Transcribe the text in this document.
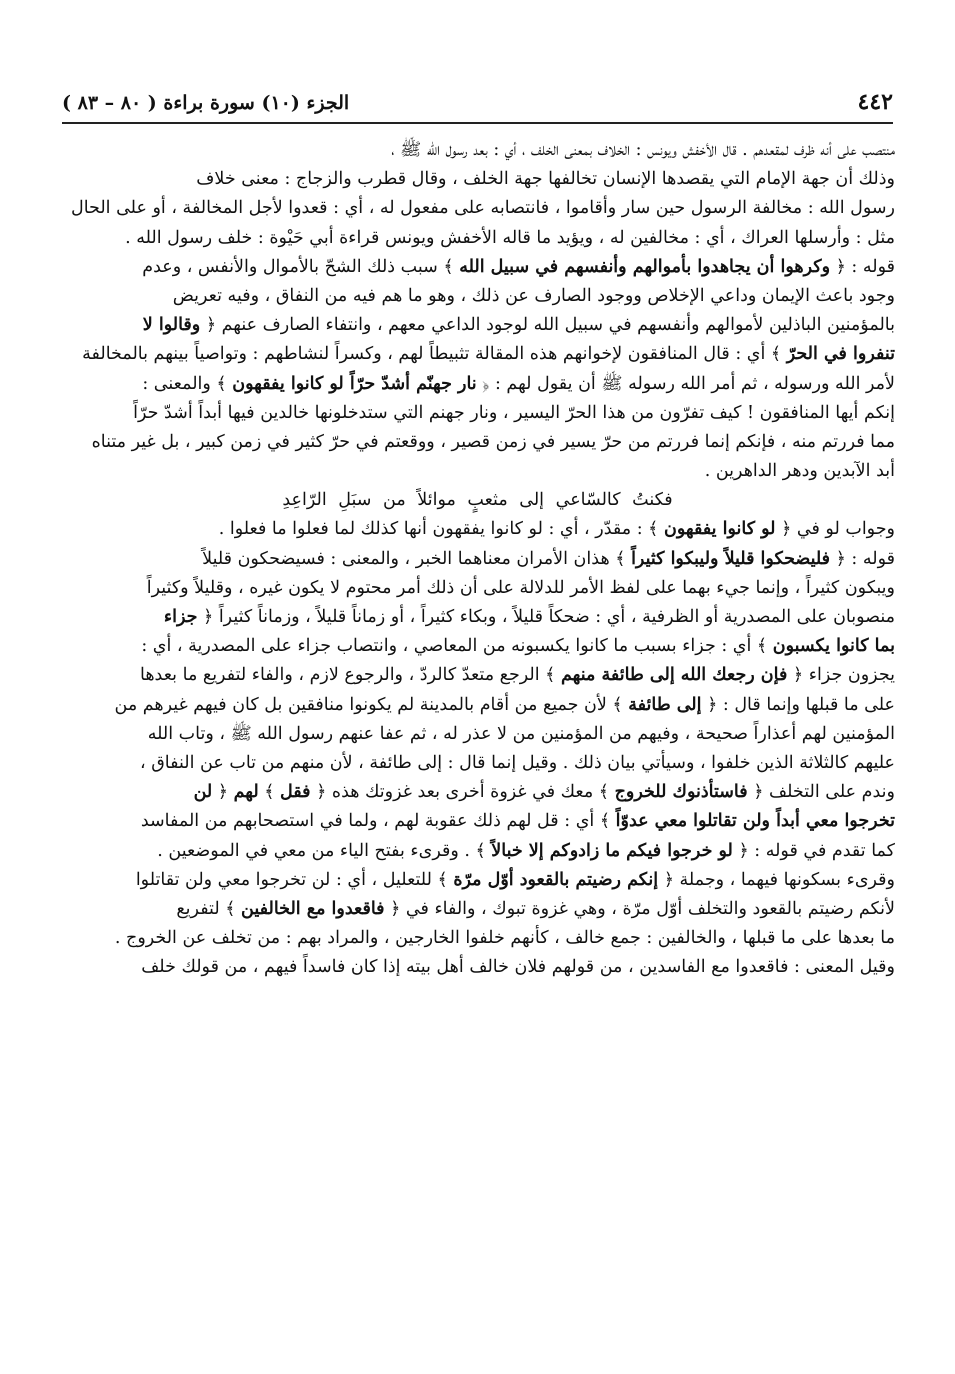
٤٤٢
الجزء (١٠) سورة براءة ( ٨٠ – ٨٣ )
منتصب على أنه ظرف لمقعدهم . قال الأخفش ويونس : الخلاف بمعنى الخلف ، أي : بعد رسول الله ﷺ ،
وذلك أن جهة الإمام التي يقصدها الإنسان تخالفها جهة الخلف ، وقال قطرب والزجاج : معنى خلاف
رسول الله : مخالفة الرسول حين سار وأقاموا ، فانتصابه على مفعول له ، أي : قعدوا لأجل المخالفة ، أو على الحال
مثل : وأرسلها العراك ، أي : مخالفين له ، ويؤيد ما قاله الأخفش ويونس قراءة أبي حَيْوة : خلف رسول الله .
قوله : ﴿ وكرهوا أن يجاهدوا بأموالهم وأنفسهم في سبيل الله ﴾ سبب ذلك الشحّ بالأموال والأنفس ، وعدم
وجود باعث الإيمان وداعي الإخلاص ووجود الصارف عن ذلك ، وهو ما هم فيه من النفاق ، وفيه تعريض
بالمؤمنين الباذلين لأموالهم وأنفسهم في سبيل الله لوجود الداعي معهم ، وانتفاء الصارف عنهم ﴿ وقالوا لا
تنفروا في الحرّ ﴾ أي : قال المنافقون لإخوانهم هذه المقالة تثبيطاً لهم ، وكسراً لنشاطهم : وتواصياً بينهم بالمخالفة
لأمر الله ورسوله ، ثم أمر الله رسوله ﷺ أن يقول لهم : ﴿ نار جهنّم أشدّ حرّاً لو كانوا يفقهون ﴾ والمعنى :
إنكم أيها المنافقون ! كيف تفرّون من هذا الحرّ اليسير ، ونار جهنم التي ستدخلونها خالدين فيها أبداً أشدّ حرّاً
مما فررتم منه ، فإنكم إنما فررتم من حرّ يسير في زمن قصير ، ووقعتم في حرّ كثير في زمن كبير ، بل غير متناه
أبد الآبدين ودهر الداهرين .
فكنتُ كالسّاعي إلى مثعبٍ موائلاً من سبَلِ الرّاعِدِ
وجواب لو في ﴿ لو كانوا يفقهون ﴾ : مقدّر ، أي : لو كانوا يفقهون أنها كذلك لما فعلوا ما فعلوا .
قوله : ﴿ فليضحكوا قليلاً وليبكوا كثيراً ﴾ هذان الأمران معناهما الخبر ، والمعنى : فسيضحكون قليلاً
ويبكون كثيراً ، وإنما جيء بهما على لفظ الأمر للدلالة على أن ذلك أمر محتوم لا يكون غيره ، وقليلاً وكثيراً
منصوبان على المصدرية أو الظرفية ، أي : ضحكاً قليلاً ، وبكاء كثيراً ، أو زماناً قليلاً ، وزماناً كثيراً ﴿ جزاء
بما كانوا يكسبون ﴾ أي : جزاء بسبب ما كانوا يكسبونه من المعاصي ، وانتصاب جزاء على المصدرية ، أي :
يجزون جزاء ﴿ فإن رجعك الله إلى طائفة منهم ﴾ الرجع متعدّ كالردّ ، والرجوع لازم ، والفاء لتفريع ما بعدها
على ما قبلها وإنما قال : ﴿ إلى طائفة ﴾ لأن جميع من أقام بالمدينة لم يكونوا منافقين بل كان فيهم غيرهم من
المؤمنين لهم أعذاراً صحيحة ، وفيهم من المؤمنين من لا عذر له ، ثم عفا عنهم رسول الله ﷺ ، وتاب الله
عليهم كالثلاثة الذين خلفوا ، وسيأتي بيان ذلك . وقيل إنما قال : إلى طائفة ، لأن منهم من تاب عن النفاق ،
وندم على التخلف ﴿ فاستأذنوك للخروج ﴾ معك في غزوة أخرى بعد غزوتك هذه ﴿ فقل ﴾ لهم ﴿ لن
تخرجوا معي أبداً ولن تقاتلوا معي عدوّاً ﴾ أي : قل لهم ذلك عقوبة لهم ، ولما في استصحابهم من المفاسد
كما تقدم في قوله : ﴿ لو خرجوا فيكم ما زادوكم إلا خبالاً ﴾ . وقرىء بفتح الياء من معي في الموضعين .
وقرىء بسكونها فيهما ، وجملة ﴿ إنكم رضيتم بالقعود أوّل مرّة ﴾ للتعليل ، أي : لن تخرجوا معي ولن تقاتلوا
لأنكم رضيتم بالقعود والتخلف أوّل مرّة ، وهي غزوة تبوك ، والفاء في ﴿ فاقعدوا مع الخالفين ﴾ لتفريع
ما بعدها على ما قبلها ، والخالفين : جمع خالف ، كأنهم خلفوا الخارجين ، والمراد بهم : من تخلف عن الخروج .
وقيل المعنى : فاقعدوا مع الفاسدين ، من قولهم فلان خالف أهل بيته إذا كان فاسداً فيهم ، من قولك خلف
